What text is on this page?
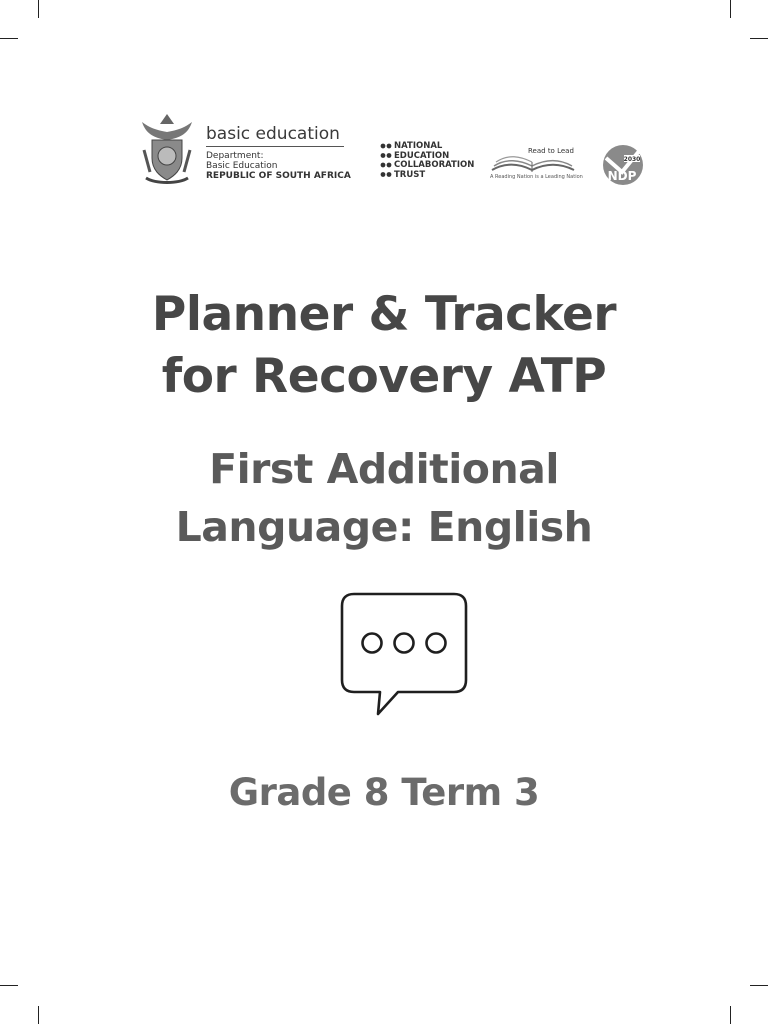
basic education
Department:
Basic Education
REPUBLIC OF SOUTH AFRICA
NATIONAL
EDUCATION
COLLABORATION
TRUST
Read to Lead
A Reading Nation is a Leading Nation
2030
NDP
Planner & Tracker
for Recovery ATP
First Additional
Language: English
Grade 8 Term 3
